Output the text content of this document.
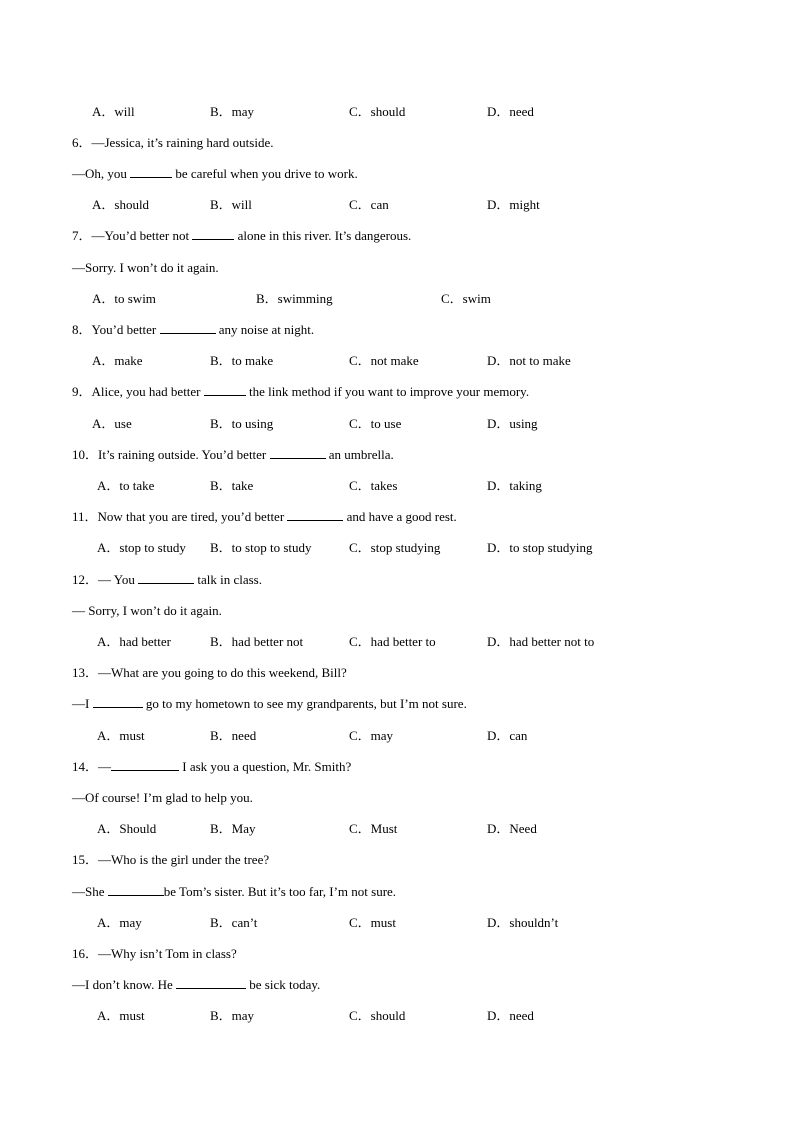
A．will	B．may	C．should	D．need
6．—Jessica, it’s raining hard outside.
—Oh, you	be careful when you drive to work.
A．should	B．will	C．can	D．might
7．—You’d better not	alone in this river. It’s dangerous.
—Sorry. I won’t do it again.
A．to swim	B．swimming	C．swim
8．You’d better	any noise at night.
A．make	B．to make	C．not make	D．not to make
9．Alice, you had better	the link method if you want to improve your memory.
A．use	B．to using	C．to use	D．using
10．It’s raining outside. You’d better	an umbrella.
A．to take	B．take	C．takes	D．taking
11．Now that you are tired, you’d better	and have a good rest.
A．stop to study B．to stop to study	C．stop studying	D．to stop studying
12．— You	talk in class.
— Sorry, I won’t do it again.
A．had better	B．had better not	C．had better to	D．had better not to
13．—What are you going to do this weekend, Bill?
—I	go to my hometown to see my grandparents, but I’m not sure.
A．must	B．need	C．may	D．can
14．—	I ask you a question, Mr. Smith?
—Of course! I’m glad to help you.
A．Should	B．May	C．Must	D．Need
15．—Who is the girl under the tree?
—She	be Tom’s sister. But it’s too far, I’m not sure.
A．may	B．can’t	C．must	D．shouldn’t
16．—Why isn’t Tom in class?
—I don’t know. He	be sick today.
A．must	B．may	C．should	D．need
